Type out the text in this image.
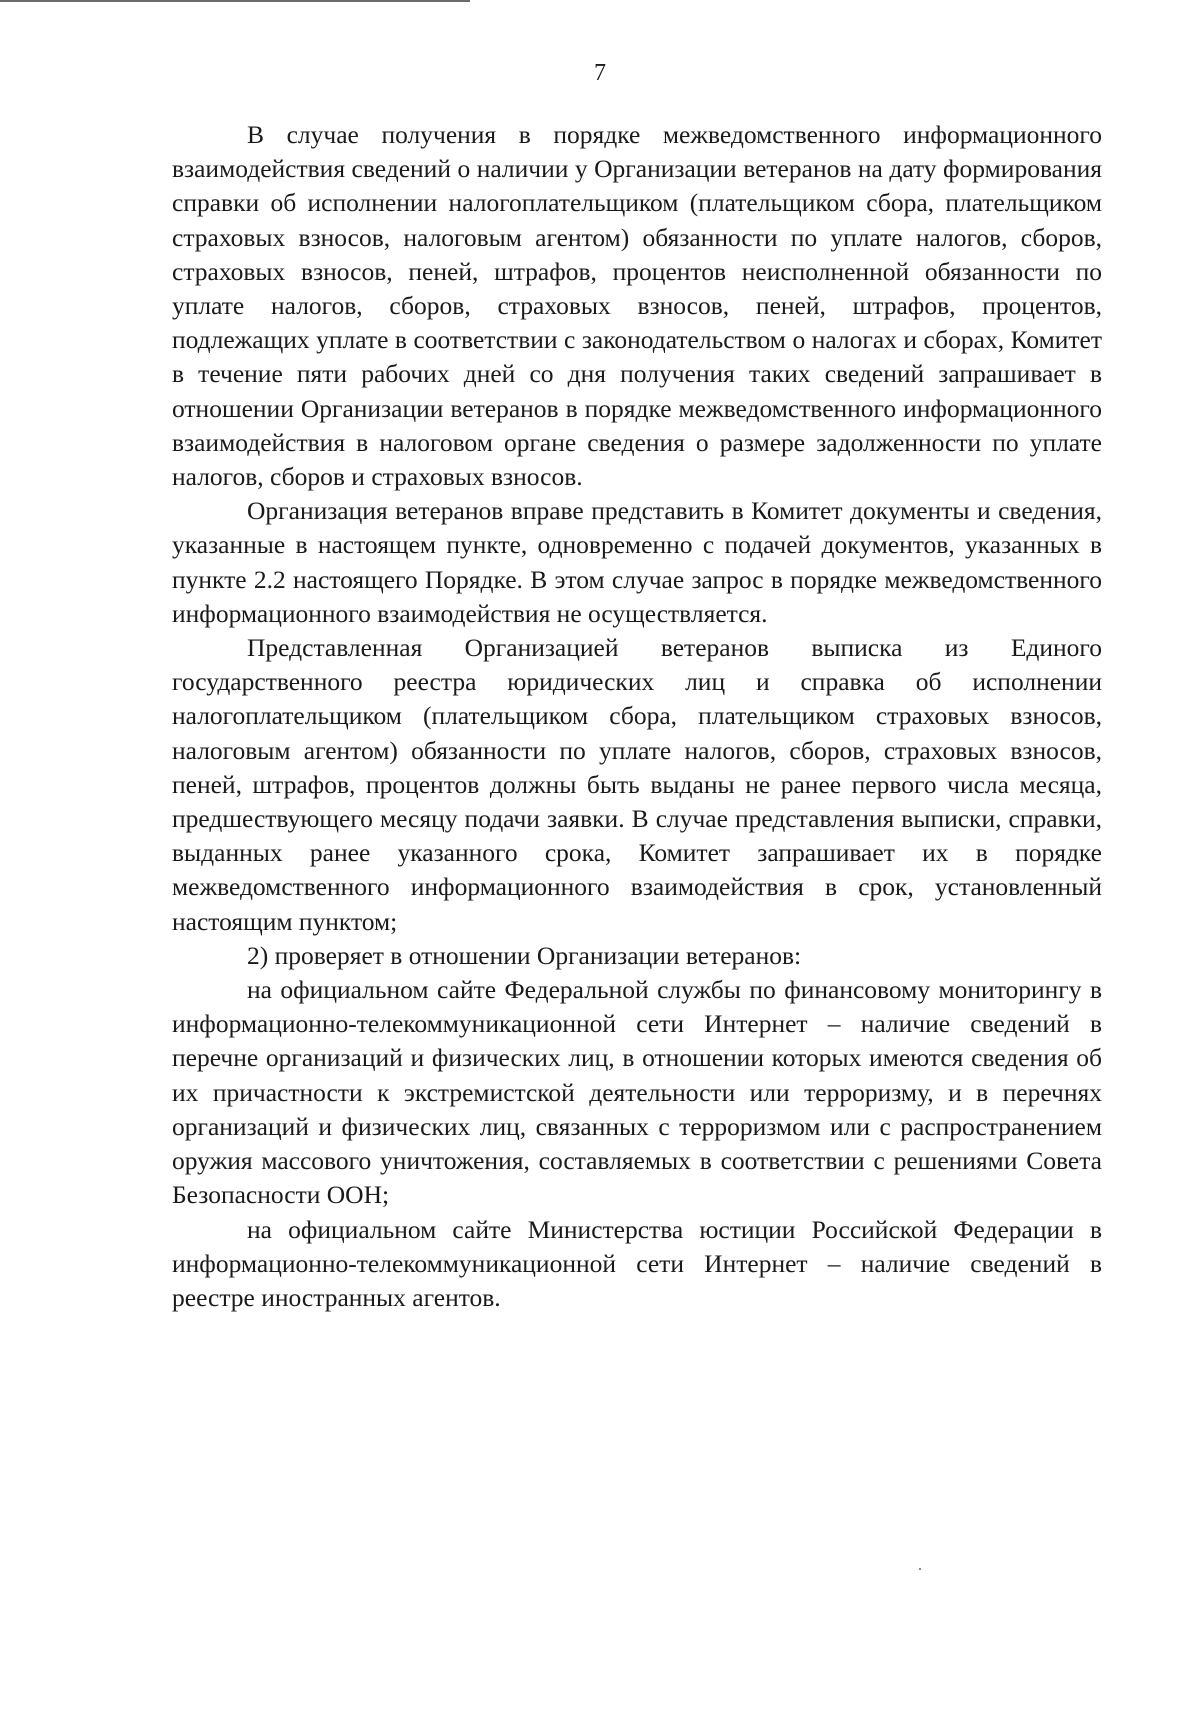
7

В случае получения в порядке межведомственного информационного взаимодействия сведений о наличии у Организации ветеранов на дату формирования справки об исполнении налогоплательщиком (плательщиком сбора, плательщиком страховых взносов, налоговым агентом) обязанности по уплате налогов, сборов, страховых взносов, пеней, штрафов, процентов неисполненной обязанности по уплате налогов, сборов, страховых взносов, пеней, штрафов, процентов, подлежащих уплате в соответствии с законодательством о налогах и сборах, Комитет в течение пяти рабочих дней со дня получения таких сведений запрашивает в отношении Организации ветеранов в порядке межведомственного информационного взаимодействия в налоговом органе сведения о размере задолженности по уплате налогов, сборов и страховых взносов.

Организация ветеранов вправе представить в Комитет документы и сведения, указанные в настоящем пункте, одновременно с подачей документов, указанных в пункте 2.2 настоящего Порядке. В этом случае запрос в порядке межведомственного информационного взаимодействия не осуществляется.

Представленная Организацией ветеранов выписка из Единого государственного реестра юридических лиц и справка об исполнении налогоплательщиком (плательщиком сбора, плательщиком страховых взносов, налоговым агентом) обязанности по уплате налогов, сборов, страховых взносов, пеней, штрафов, процентов должны быть выданы не ранее первого числа месяца, предшествующего месяцу подачи заявки. В случае представления выписки, справки, выданных ранее указанного срока, Комитет запрашивает их в порядке межведомственного информационного взаимодействия в срок, установленный настоящим пунктом;

2) проверяет в отношении Организации ветеранов:

на официальном сайте Федеральной службы по финансовому мониторингу в информационно-телекоммуникационной сети Интернет – наличие сведений в перечне организаций и физических лиц, в отношении которых имеются сведения об их причастности к экстремистской деятельности или терроризму, и в перечнях организаций и физических лиц, связанных с терроризмом или с распространением оружия массового уничтожения, составляемых в соответствии с решениями Совета Безопасности ООН;

на официальном сайте Министерства юстиции Российской Федерации в информационно-телекоммуникационной сети Интернет – наличие сведений в реестре иностранных агентов.
